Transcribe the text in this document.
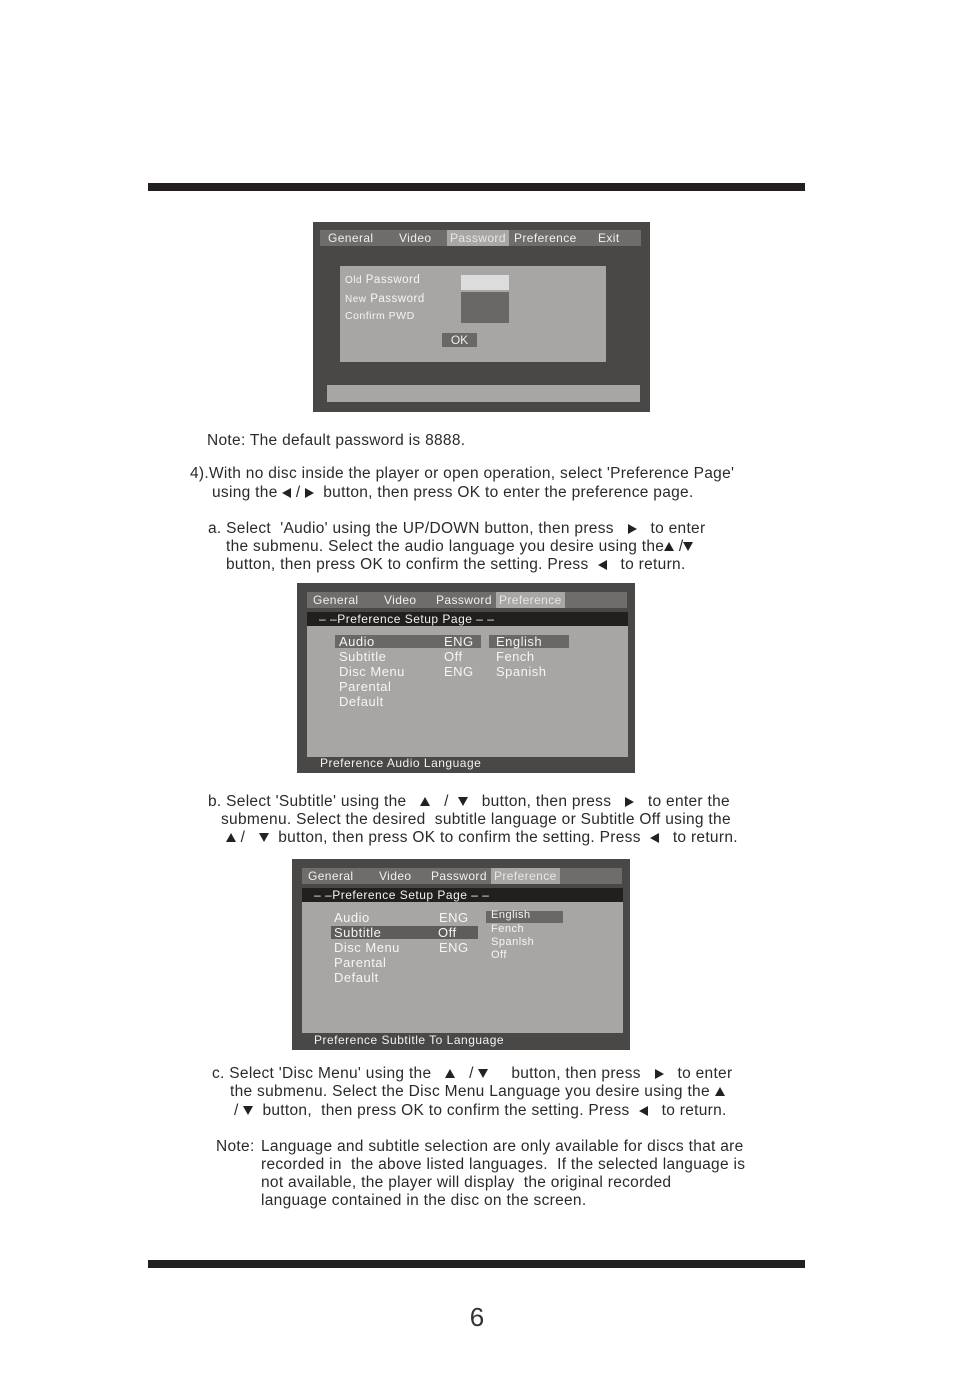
General Video Password Preference Exit
Old Password
New Password
Confirm PWD
OK
Note: The default password is 8888.
4).With no disc inside the player or open operation, select 'Preference Page'
using the / button, then press OK to enter the preference page.
a. Select  'Audio' using the UP/DOWN button, then press to enter
the submenu. Select the audio language you desire using the /
button, then press OK to confirm the setting. Press to return.
General Video Password Preference
– –Preference Setup Page – –
Audio
Subtitle
Disc Menu
Parental
Default
ENG
Off
ENG
English
Fench
Spanish
Preference Audio Language
b. Select 'Subtitle' using the / button, then press to enter the
submenu. Select the desired  subtitle language or Subtitle Off using the
/ button, then press OK to confirm the setting. Press to return.
General Video Password Preference
– –Preference Setup Page – –
Audio
Subtitle
Disc Menu
Parental
Default
ENG
Off
ENG
English
Fench
Spanlsh
Off
Preference Subtitle To Language
c. Select 'Disc Menu' using the / button, then press to enter
the submenu. Select the Disc Menu Language you desire using the
/ button,  then press OK to confirm the setting. Press to return.
Note: Language and subtitle selection are only available for discs that are
recorded in  the above listed languages.  If the selected language is
not available, the player will display  the original recorded
language contained in the disc on the screen.
6
